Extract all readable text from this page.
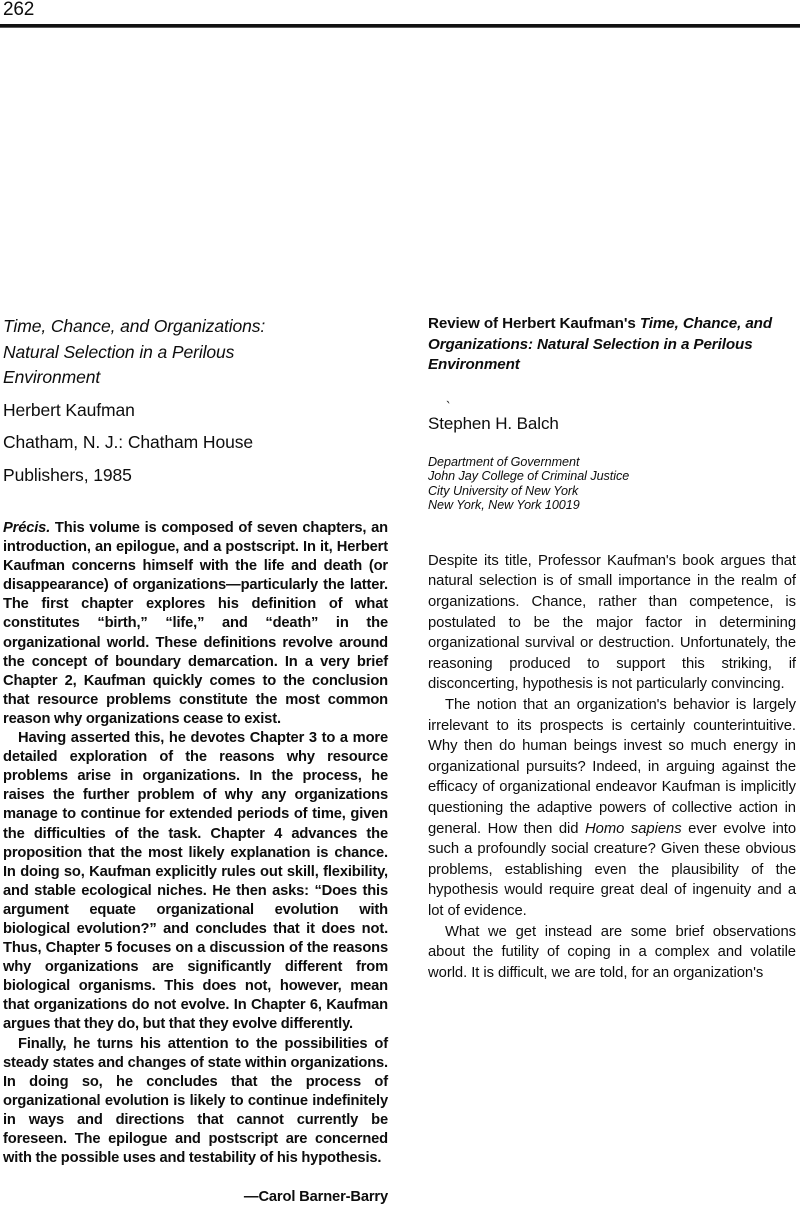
262
Time, Chance, and Organizations:
Natural Selection in a Perilous
Environment
Herbert Kaufman
Chatham, N. J.: Chatham House
Publishers, 1985

Précis. This volume is composed of seven chapters, an introduction, an epilogue, and a postscript. In it, Herbert Kaufman concerns himself with the life and death (or disappearance) of organizations—particularly the latter. The first chapter explores his definition of what constitutes “birth,” “life,” and “death” in the organizational world. These definitions revolve around the concept of boundary demarcation. In a very brief Chapter 2, Kaufman quickly comes to the conclusion that resource problems constitute the most common reason why organizations cease to exist.

Having asserted this, he devotes Chapter 3 to a more detailed exploration of the reasons why resource problems arise in organizations. In the process, he raises the further problem of why any organizations manage to continue for extended periods of time, given the difficulties of the task. Chapter 4 advances the proposition that the most likely explanation is chance. In doing so, Kaufman explicitly rules out skill, flexibility, and stable ecological niches. He then asks: “Does this argument equate organizational evolution with biological evolution?” and concludes that it does not. Thus, Chapter 5 focuses on a discussion of the reasons why organizations are significantly different from biological organisms. This does not, however, mean that organizations do not evolve. In Chapter 6, Kaufman argues that they do, but that they evolve differently.

Finally, he turns his attention to the possibilities of steady states and changes of state within organizations. In doing so, he concludes that the process of organizational evolution is likely to continue indefinitely in ways and directions that cannot currently be foreseen. The epilogue and postscript are concerned with the possible uses and testability of his hypothesis.

—Carol Barner-Barry
Review of Herbert Kaufman's Time, Chance, and Organizations: Natural Selection in a Perilous Environment
`

Stephen H. Balch

Department of Government
John Jay College of Criminal Justice
City University of New York
New York, New York 10019

Despite its title, Professor Kaufman's book argues that natural selection is of small importance in the realm of organizations. Chance, rather than competence, is postulated to be the major factor in determining organizational survival or destruction. Unfortunately, the reasoning produced to support this striking, if disconcerting, hypothesis is not particularly convincing.

The notion that an organization's behavior is largely irrelevant to its prospects is certainly counterintuitive. Why then do human beings invest so much energy in organizational pursuits? Indeed, in arguing against the efficacy of organizational endeavor Kaufman is implicitly questioning the adaptive powers of collective action in general. How then did Homo sapiens ever evolve into such a profoundly social creature? Given these obvious problems, establishing even the plausibility of the hypothesis would require great deal of ingenuity and a lot of evidence.

What we get instead are some brief observations about the futility of coping in a complex and volatile world. It is difficult, we are told, for an organization's
